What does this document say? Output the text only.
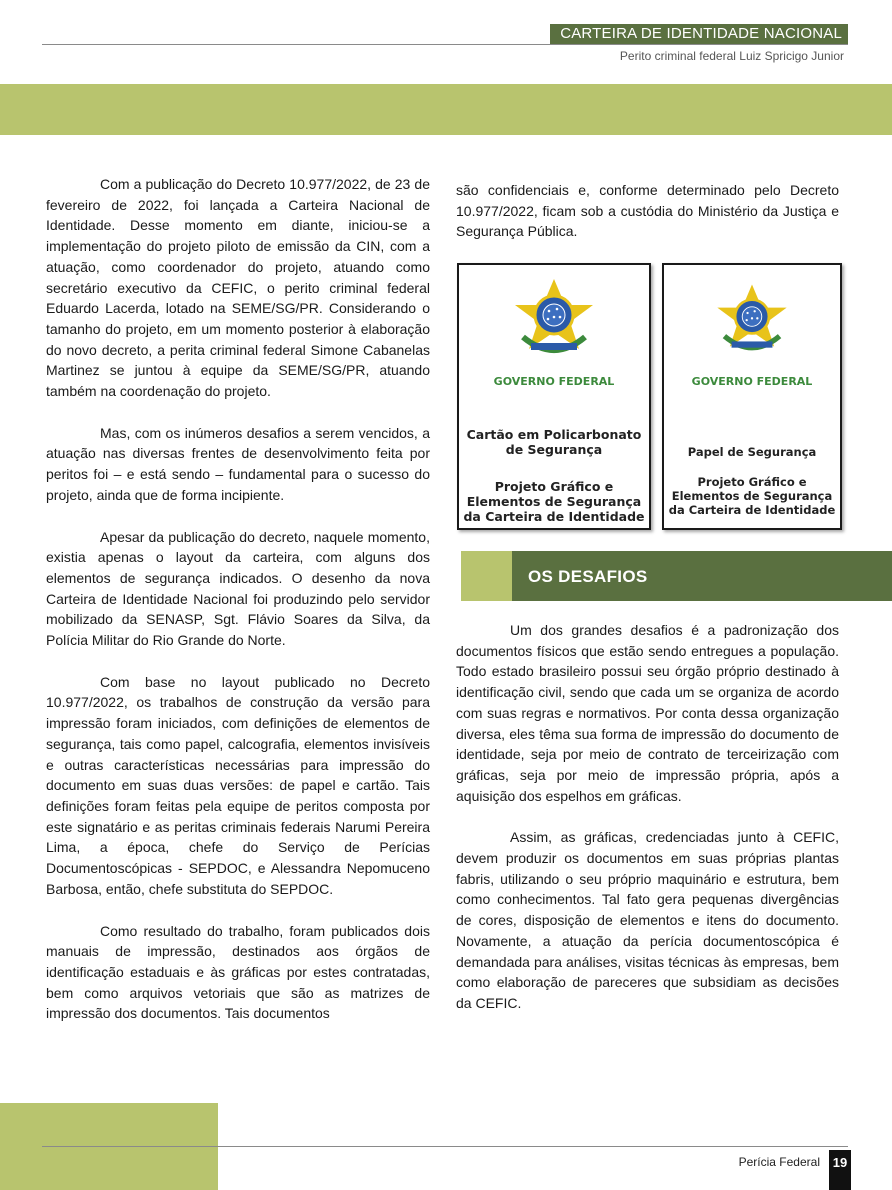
CARTEIRA DE IDENTIDADE NACIONAL
Perito criminal federal Luiz Spricigo Junior

Com a publicação do Decreto 10.977/2022, de 23 de fevereiro de 2022, foi lançada a Carteira Nacional de Identidade. Desse momento em diante, iniciou-se a implementação do projeto piloto de emissão da CIN, com a atuação, como coordenador do projeto, atuando como secretário executivo da CEFIC, o perito criminal federal Eduardo Lacerda, lotado na SEME/SG/PR. Considerando o tamanho do projeto, em um momento posterior à elaboração do novo decreto, a perita criminal federal Simone Cabanelas Martinez se juntou à equipe da SEME/SG/PR, atuando também na coordenação do projeto.

Mas, com os inúmeros desafios a serem vencidos, a atuação nas diversas frentes de desenvolvimento feita por peritos foi – e está sendo – fundamental para o sucesso do projeto, ainda que de forma incipiente.

Apesar da publicação do decreto, naquele momento, existia apenas o layout da carteira, com alguns dos elementos de segurança indicados. O desenho da nova Carteira de Identidade Nacional foi produzindo pelo servidor mobilizado da SENASP, Sgt. Flávio Soares da Silva, da Polícia Militar do Rio Grande do Norte.

Com base no layout publicado no Decreto 10.977/2022, os trabalhos de construção da versão para impressão foram iniciados, com definições de elementos de segurança, tais como papel, calcografia, elementos invisíveis e outras características necessárias para impressão do documento em suas duas versões: de papel e cartão. Tais definições foram feitas pela equipe de peritos composta por este signatário e as peritas criminais federais Narumi Pereira Lima, a época, chefe do Serviço de Perícias Documentoscópicas - SEPDOC, e Alessandra Nepomuceno Barbosa, então, chefe substituta do SEPDOC.

Como resultado do trabalho, foram publicados dois manuais de impressão, destinados aos órgãos de identificação estaduais e às gráficas por estes contratadas, bem como arquivos vetoriais que são as matrizes de impressão dos documentos. Tais documentos

são confidenciais e, conforme determinado pelo Decreto 10.977/2022, ficam sob a custódia do Ministério da Justiça e Segurança Pública.

GOVERNO FEDERAL
Cartão em Policarbonato de Segurança
Projeto Gráfico e Elementos de Segurança da Carteira de Identidade
GOVERNO FEDERAL
Papel de Segurança
Projeto Gráfico e Elementos de Segurança da Carteira de Identidade
OS DESAFIOS

Um dos grandes desafios é a padronização dos documentos físicos que estão sendo entregues a população. Todo estado brasileiro possui seu órgão próprio destinado à identificação civil, sendo que cada um se organiza de acordo com suas regras e normativos. Por conta dessa organização diversa, eles têma sua forma de impressão do documento de identidade, seja por meio de contrato de terceirização com gráficas, seja por meio de impressão própria, após a aquisição dos espelhos em gráficas.

Assim, as gráficas, credenciadas junto à CEFIC, devem produzir os documentos em suas próprias plantas fabris, utilizando o seu próprio maquinário e estrutura, bem como conhecimentos. Tal fato gera pequenas divergências de cores, disposição de elementos e itens do documento. Novamente, a atuação da perícia documentoscópica é demandada para análises, visitas técnicas às empresas, bem como elaboração de pareceres que subsidiam as decisões da CEFIC.

Perícia Federal 19
